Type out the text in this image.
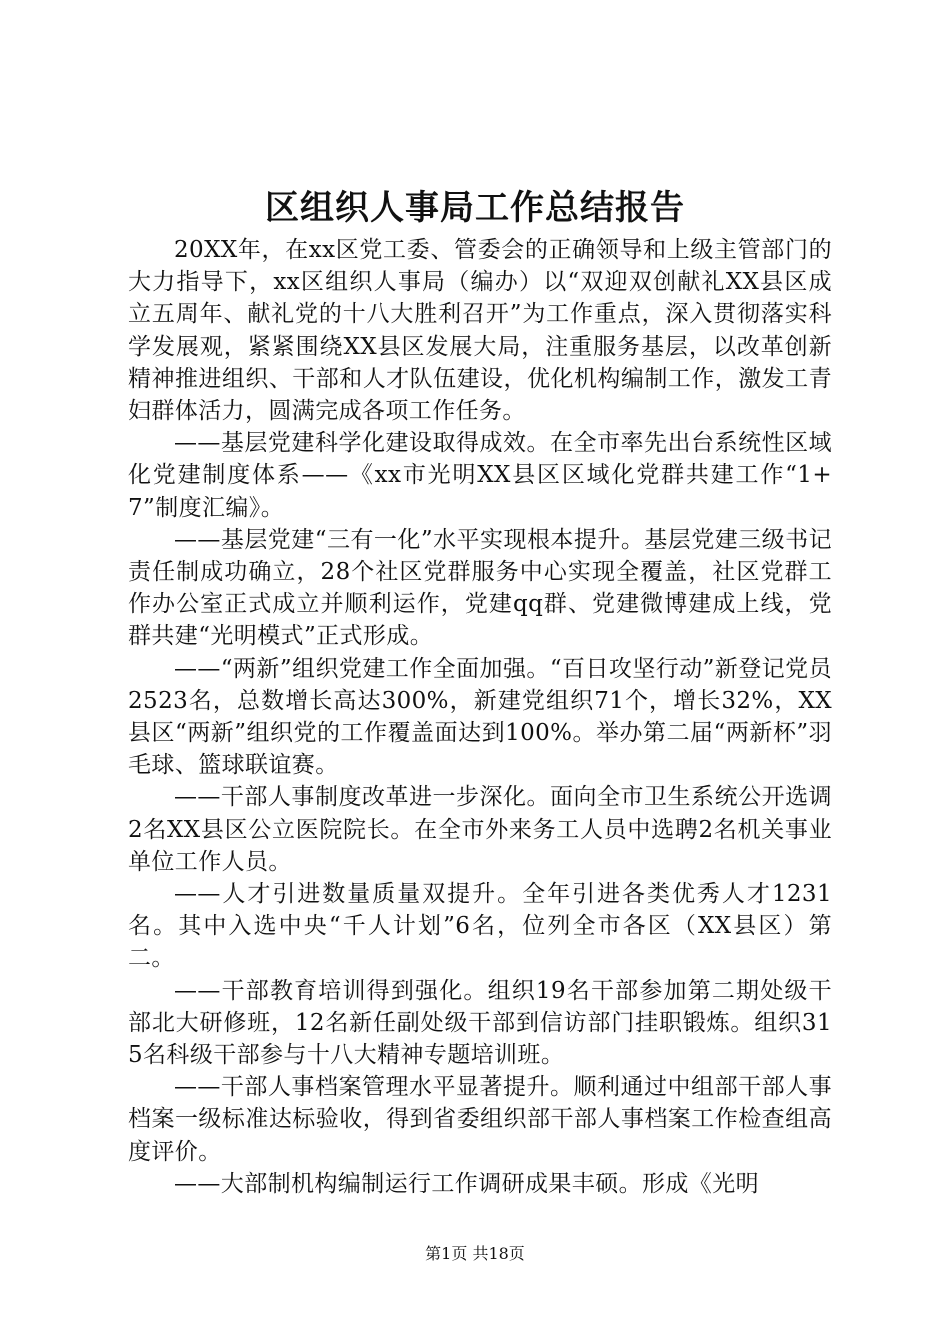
区组织人事局工作总结报告

20XX年，在xx区党工委、管委会的正确领导和上级主管部门的大力指导下，xx区组织人事局（编办）以“双迎双创献礼XX县区成立五周年、献礼党的十八大胜利召开”为工作重点，深入贯彻落实科学发展观，紧紧围绕XX县区发展大局，注重服务基层，以改革创新精神推进组织、干部和人才队伍建设，优化机构编制工作，激发工青妇群体活力，圆满完成各项工作任务。

——基层党建科学化建设取得成效。在全市率先出台系统性区域化党建制度体系——《xx市光明XX县区区域化党群共建工作“1+7”制度汇编》。

——基层党建“三有一化”水平实现根本提升。基层党建三级书记责任制成功确立，28个社区党群服务中心实现全覆盖，社区党群工作办公室正式成立并顺利运作，党建qq群、党建微博建成上线，党群共建“光明模式”正式形成。

——“两新”组织党建工作全面加强。“百日攻坚行动”新登记党员2523名，总数增长高达300%，新建党组织71个，增长32%，XX县区“两新”组织党的工作覆盖面达到100%。举办第二届“两新杯”羽毛球、篮球联谊赛。

——干部人事制度改革进一步深化。面向全市卫生系统公开选调2名XX县区公立医院院长。在全市外来务工人员中选聘2名机关事业单位工作人员。

——人才引进数量质量双提升。全年引进各类优秀人才1231名。其中入选中央“千人计划”6名，位列全市各区（XX县区）第二。

——干部教育培训得到强化。组织19名干部参加第二期处级干部北大研修班，12名新任副处级干部到信访部门挂职锻炼。组织315名科级干部参与十八大精神专题培训班。

——干部人事档案管理水平显著提升。顺利通过中组部干部人事档案一级标准达标验收，得到省委组织部干部人事档案工作检查组高度评价。

——大部制机构编制运行工作调研成果丰硕。形成《光明

第1页 共18页
